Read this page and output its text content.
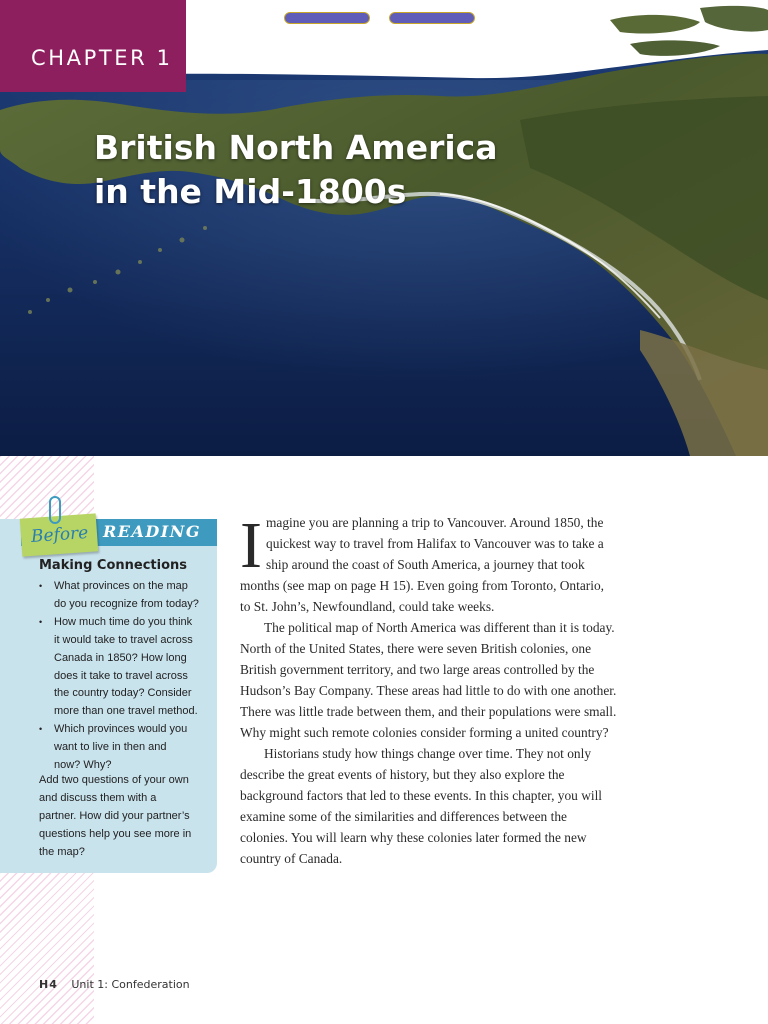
CHAPTER 1
British North America
in the Mid-1800s
READING
Before
Making Connections
• What provinces on the map
do you recognize from today?
• How much time do you think
it would take to travel across
Canada in 1850? How long
does it take to travel across
the country today? Consider
more than one travel method.
• Which provinces would you
want to live in then and
now? Why?
Add two questions of your own
and discuss them with a
partner. How did your partner’s
questions help you see more in
the map?
I magine you are planning a trip to Vancouver. Around 1850, the
quickest way to travel from Halifax to Vancouver was to take a
ship around the coast of South America, a journey that took
months (see map on page H 15). Even going from Toronto, Ontario,
to St. John’s, Newfoundland, could take weeks.
The political map of North America was different than it is today.
North of the United States, there were seven British colonies, one
British government territory, and two large areas controlled by the
Hudson’s Bay Company. These areas had little to do with one another.
There was little trade between them, and their populations were small.
Why might such remote colonies consider forming a united country?
Historians study how things change over time. They not only
describe the great events of history, but they also explore the
background factors that led to these events. In this chapter, you will
examine some of the similarities and differences between the
colonies. You will learn why these colonies later formed the new
country of Canada.
H4 Unit 1: Confederation
